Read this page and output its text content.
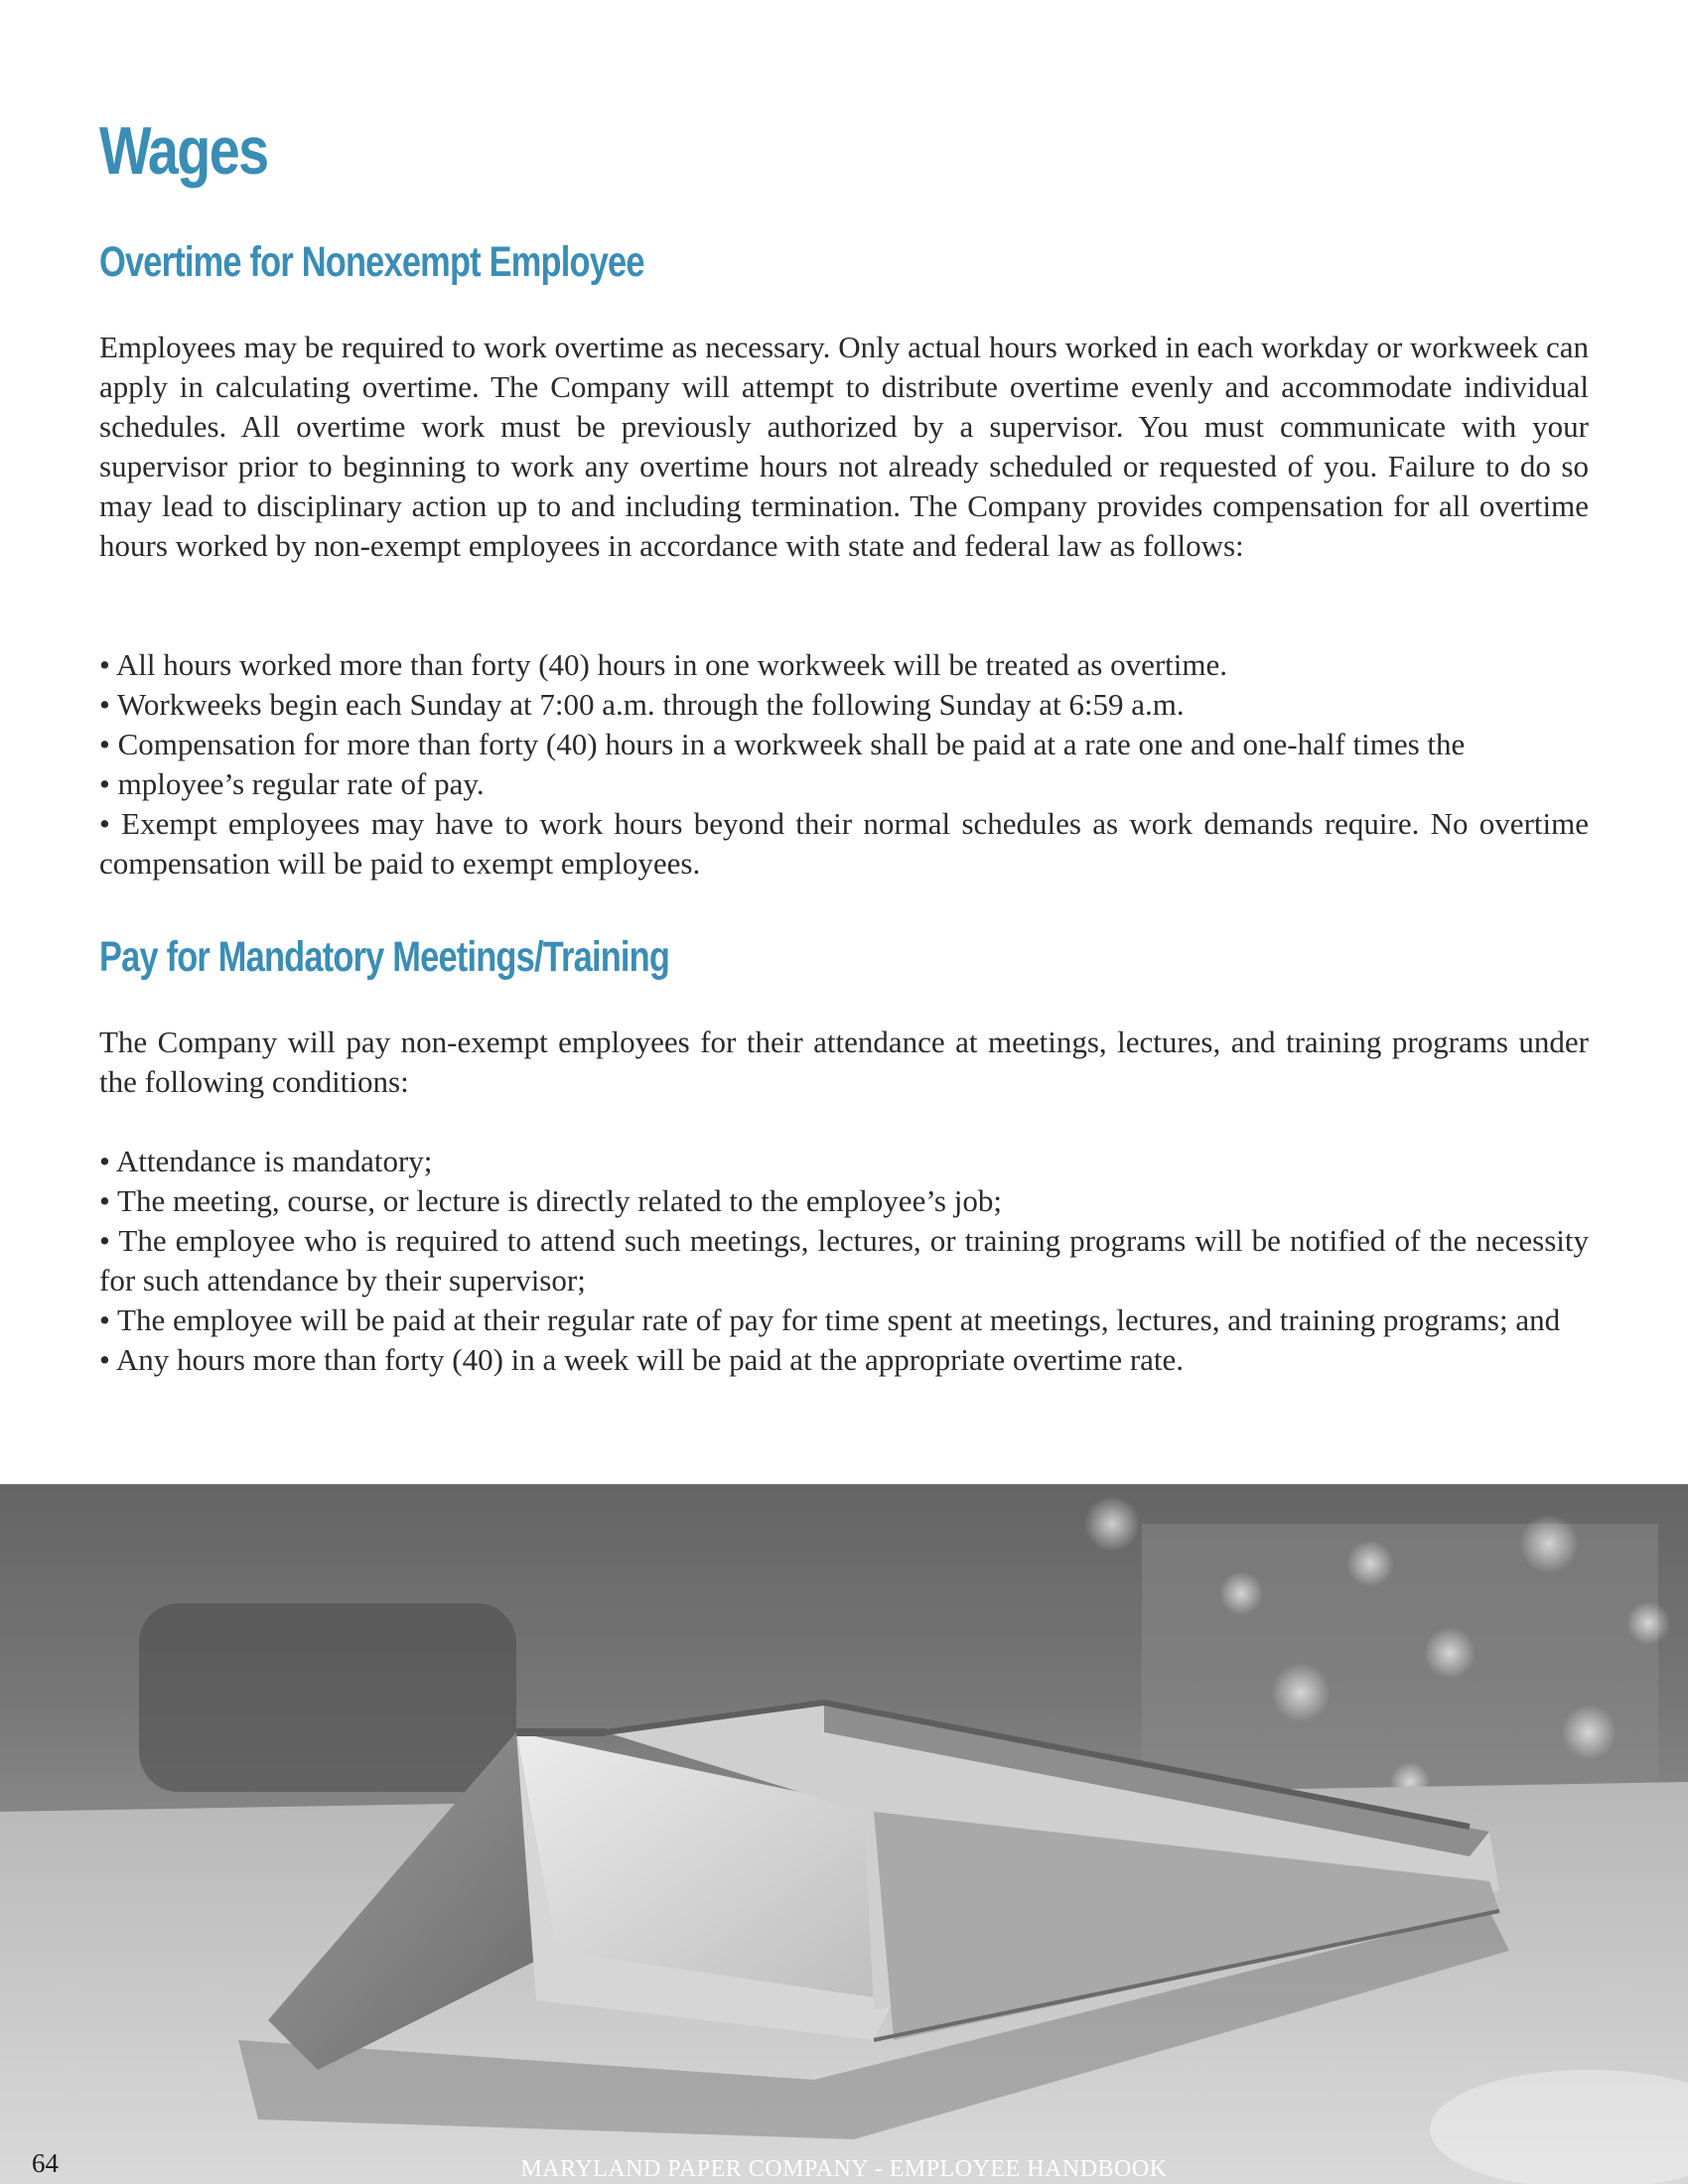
Wages
Overtime for Nonexempt Employee

Employees may be required to work overtime as necessary. Only actual hours worked in each workday or workweek can apply in calculating overtime. The Company will attempt to distribute overtime evenly and accommodate individual schedules. All overtime work must be previously authorized by a supervisor. You must communicate with your supervisor prior to beginning to work any overtime hours not already scheduled or requested of you. Failure to do so may lead to disciplinary action up to and including termination. The Company provides compensation for all overtime hours worked by non-exempt employees in accordance with state and federal law as follows:

• All hours worked more than forty (40) hours in one workweek will be treated as overtime.

• Workweeks begin each Sunday at 7:00 a.m. through the following Sunday at 6:59 a.m.

• Compensation for more than forty (40) hours in a workweek shall be paid at a rate one and one-half times the

• mployee’s regular rate of pay.

• Exempt employees may have to work hours beyond their normal schedules as work demands require. No overtime compensation will be paid to exempt employees.

Pay for Mandatory Meetings/Training

The Company will pay non-exempt employees for their attendance at meetings, lectures, and training programs under the following conditions:

• Attendance is mandatory;

• The meeting, course, or lecture is directly related to the employee’s job;

• The employee who is required to attend such meetings, lectures, or training programs will be notified of the necessity for such attendance by their supervisor;

• The employee will be paid at their regular rate of pay for time spent at meetings, lectures, and training programs; and

• Any hours more than forty (40) in a week will be paid at the appropriate overtime rate.

64	MARYLAND PAPER COMPANY - EMPLOYEE HANDBOOK
